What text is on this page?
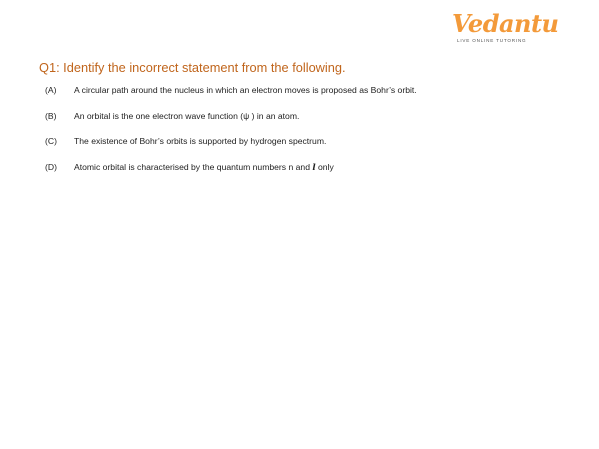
Vedantu
LIVE ONLINE TUTORING
Q1: Identify the incorrect statement from the following.
(A) A circular path around the nucleus in which an electron moves is proposed as Bohr’s orbit.
(B) An orbital is the one electron wave function (ψ ) in an atom.
(C) The existence of Bohr’s orbits is supported by hydrogen spectrum.
(D) Atomic orbital is characterised by the quantum numbers n and l only
